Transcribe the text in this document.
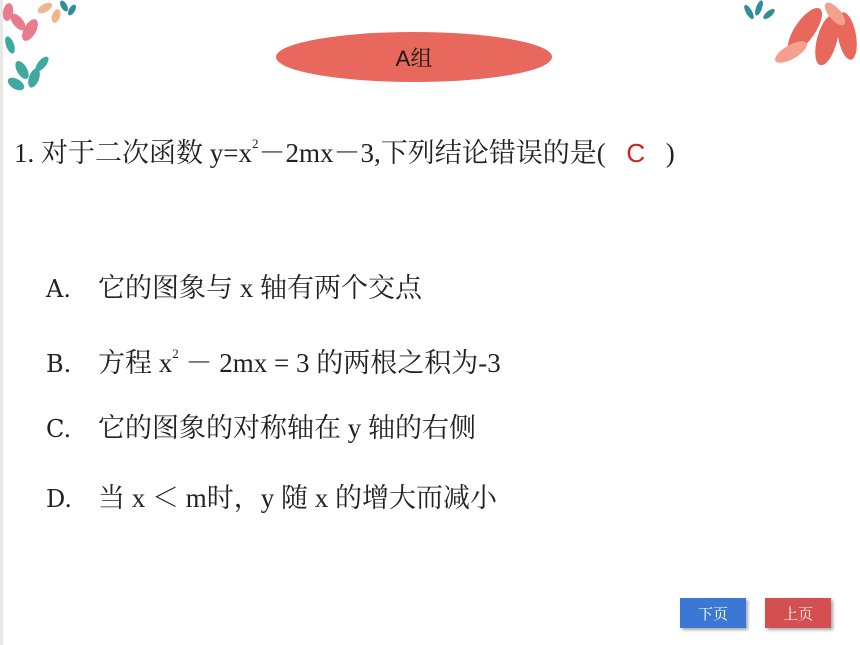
A组
1. 对于二次函数 $y=x^2-2mx-3$,下列结论错误的是( C )
A. 它的图象与 x 轴有两个交点
B. 方程 $x^2 - 2mx = 3$ 的两根之积为-3
C. 它的图象的对称轴在 y 轴的右侧
D. 当 x ＜ m时，y 随 x 的增大而减小
下页	上页
